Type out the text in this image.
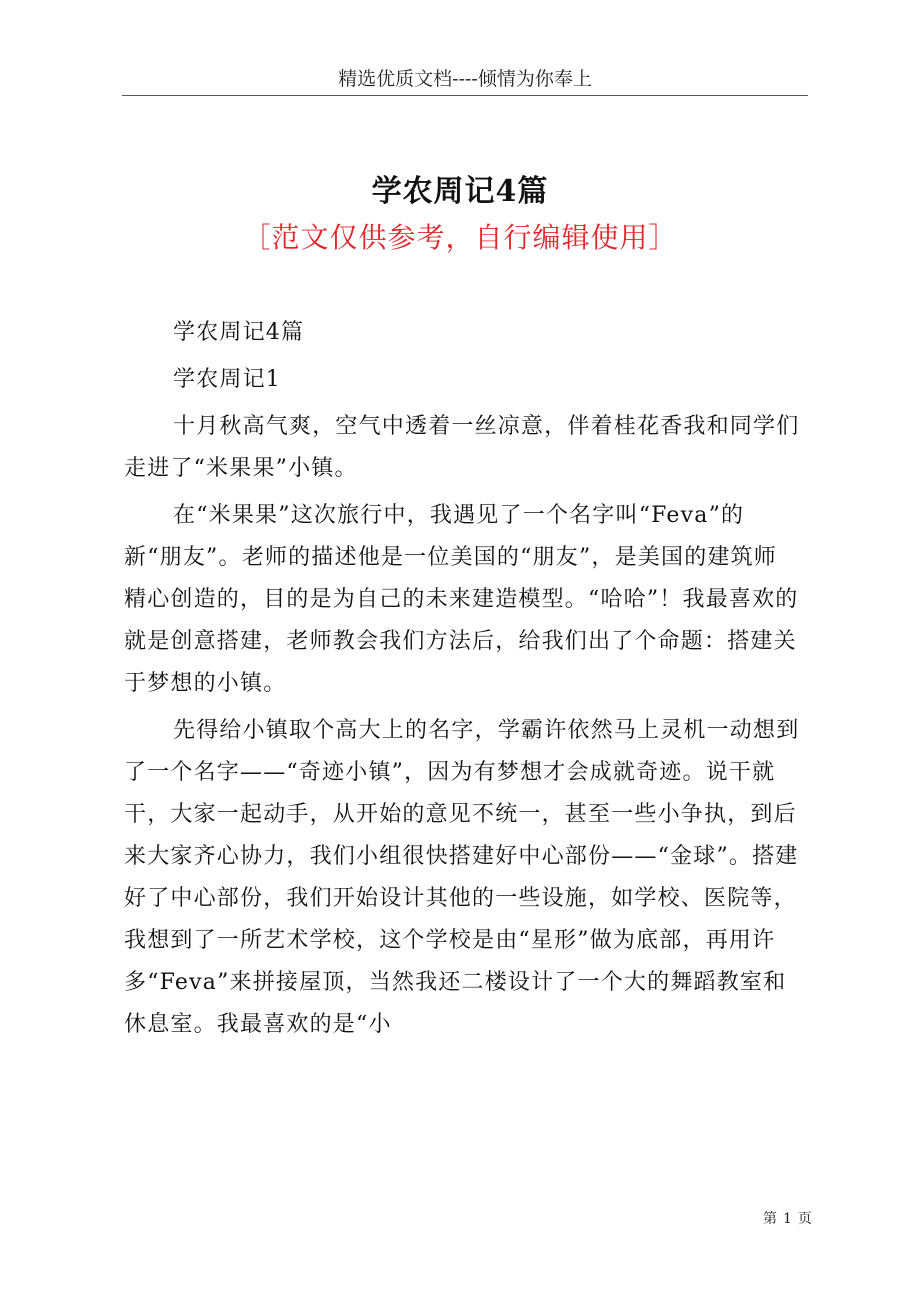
精选优质文档----倾情为你奉上
学农周记4篇
［范文仅供参考，自行编辑使用］

学农周记4篇

学农周记1

十月秋高气爽，空气中透着一丝凉意，伴着桂花香我和同学们走进了“米果果”小镇。

在“米果果”这次旅行中，我遇见了一个名字叫“Feva”的新“朋友”。老师的描述他是一位美国的“朋友”，是美国的建筑师精心创造的，目的是为自己的未来建造模型。“哈哈”！我最喜欢的就是创意搭建，老师教会我们方法后，给我们出了个命题：搭建关于梦想的小镇。

先得给小镇取个高大上的名字，学霸许依然马上灵机一动想到了一个名字——“奇迹小镇”，因为有梦想才会成就奇迹。说干就干，大家一起动手，从开始的意见不统一，甚至一些小争执，到后来大家齐心协力，我们小组很快搭建好中心部份——“金球”。搭建好了中心部份，我们开始设计其他的一些设施，如学校、医院等，我想到了一所艺术学校，这个学校是由“星形”做为底部，再用许多“Feva”来拼接屋顶，当然我还二楼设计了一个大的舞蹈教室和休息室。我最喜欢的是“小

第 1 页
